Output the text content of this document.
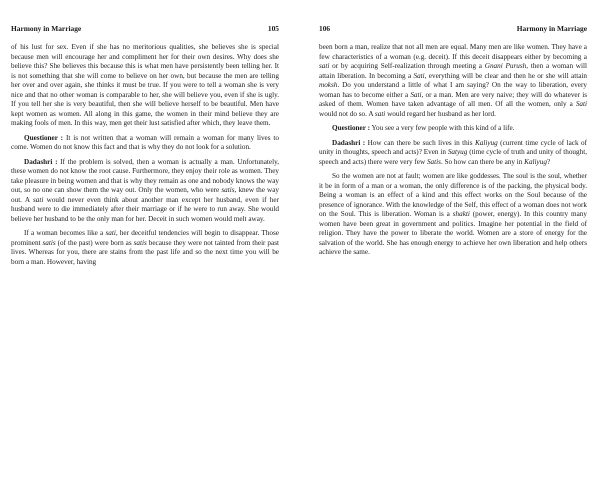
Harmony in Marriage	105

of his lust for sex. Even if she has no meritorious qualities, she believes she is special because men will encourage her and compliment her for their own desires. Why does she believe this? She believes this because this is what men have persistently been telling her. It is not something that she will come to believe on her own, but because the men are telling her over and over again, she thinks it must be true. If you were to tell a woman she is very nice and that no other woman is comparable to her, she will believe you, even if she is ugly. If you tell her she is very beautiful, then she will believe herself to be beautiful. Men have kept women as women. All along in this game, the women in their mind believe they are making fools of men. In this way, men get their lust satisfied after which, they leave them.

Questioner : It is not written that a woman will remain a woman for many lives to come. Women do not know this fact and that is why they do not look for a solution.

Dadashri : If the problem is solved, then a woman is actually a man. Unfortunately, these women do not know the root cause. Furthermore, they enjoy their role as women. They take pleasure in being women and that is why they remain as one and nobody knows the way out, so no one can show them the way out. Only the women, who were satis, knew the way out. A sati would never even think about another man except her husband, even if her husband were to die immediately after their marriage or if he were to run away. She would believe her husband to be the only man for her. Deceit in such women would melt away.

If a woman becomes like a sati, her deceitful tendencies will begin to disappear. Those prominent satis (of the past) were born as satis because they were not tainted from their past lives. Whereas for you, there are stains from the past life and so the next time you will be born a man. However, having

106	Harmony in Marriage

been born a man, realize that not all men are equal. Many men are like women. They have a few characteristics of a woman (e.g. deceit). If this deceit disappears either by becoming a sati or by acquiring Self-realization through meeting a Gnani Purush, then a woman will attain liberation. In becoming a Sati, everything will be clear and then he or she will attain moksh. Do you understand a little of what I am saying? On the way to liberation, every woman has to become either a Sati, or a man. Men are very naive; they will do whatever is asked of them. Women have taken advantage of all men. Of all the women, only a Sati would not do so. A sati would regard her husband as her lord.

Questioner : You see a very few people with this kind of a life.

Dadashri : How can there be such lives in this Kaliyug (current time cycle of lack of unity in thoughts, speech and acts)? Even in Satyug (time cycle of truth and unity of thought, speech and acts) there were very few Satis. So how can there be any in Kaliyug?

So the women are not at fault; women are like goddesses. The soul is the soul, whether it be in form of a man or a woman, the only difference is of the packing, the physical body. Being a woman is an effect of a kind and this effect works on the Soul because of the presence of ignorance. With the knowledge of the Self, this effect of a woman does not work on the Soul. This is liberation. Woman is a shakti (power, energy). In this country many women have been great in government and politics. Imagine her potential in the field of religion. They have the power to liberate the world. Women are a store of energy for the salvation of the world. She has enough energy to achieve her own liberation and help others achieve the same.
